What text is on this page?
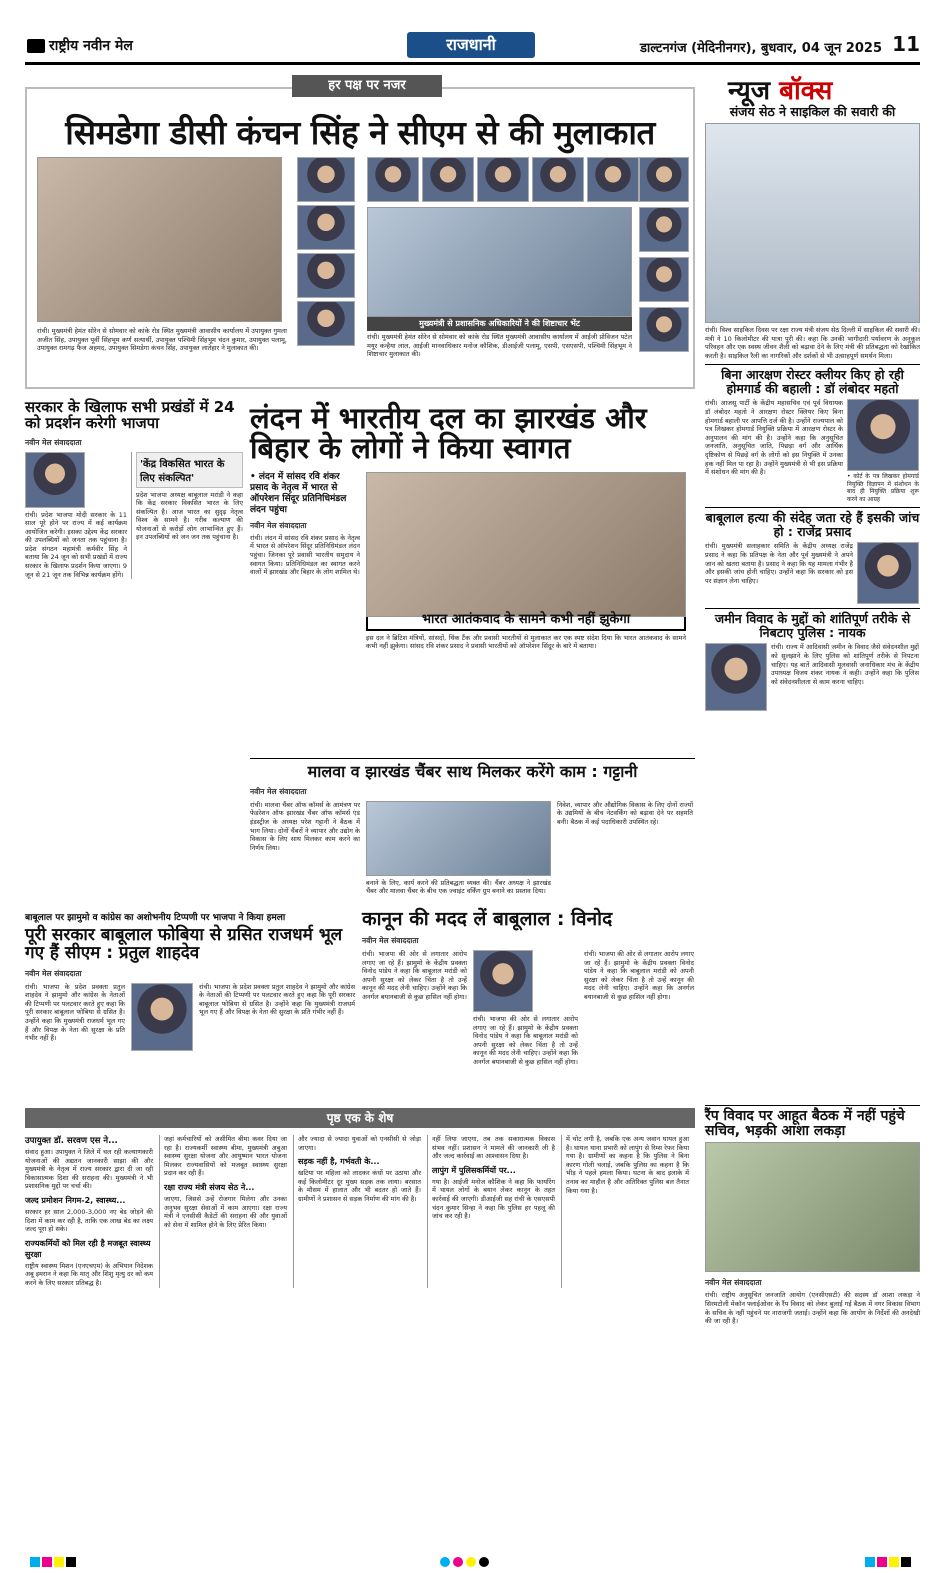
राष्ट्रीय नवीन मेल	राजधानी	डाल्टनगंज (मेदिनीनगर), बुधवार, 04 जून 2025 11
हर पक्ष पर नजर
सिमडेगा डीसी कंचन सिंह ने सीएम से की मुलाकात
मुख्यमंत्री से प्रशासनिक अधिकारियों ने की शिष्टाचार भेंट
रांची। मुख्यमंत्री हेमंत सोरेन से सोमवार को कांके रोड स्थित मुख्यमंत्री आवासीय कार्यालय में उपायुक्त गुमला अजीत सिंह, उपायुक्त पूर्वी सिंहभूम कर्ण सत्यार्थी, उपायुक्त पश्चिमी सिंहभूम चंदन कुमार, उपायुक्त पलामू, उपायुक्त रामगढ़ फैज अहमद, उपायुक्त सिमडेगा कंचन सिंह, उपायुक्त लातेहार ने मुलाकात की।
रांची। मुख्यमंत्री हेमंत सोरेन से सोमवार को कांके रोड स्थित मुख्यमंत्री आवासीय कार्यालय में आईजी प्रोविजन पटेल मयूर कन्हैया लाल, आईजी मानवाधिकार मनोज कौशिक, डीआईजी पलामू, एसपी, एसएसपी, पश्चिमी सिंहभूम ने शिष्टाचार मुलाकात की।
न्यूज बॉक्स
संजय सेठ ने साइकिल की सवारी की
रांची। विश्व साइकिल दिवस पर रक्षा राज्य मंत्री संजय सेठ दिल्ली में साइकिल की सवारी की। मंत्री ने 10 किलोमीटर की यात्रा पूरी की। कहा कि उनकी भागीदारी पर्यावरण के अनुकूल परिवहन और एक स्वस्थ जीवन शैली को बढ़ावा देने के लिए मंत्री की प्रतिबद्धता को रेखांकित करती है। साइकिल रैली का नागरिकों और दर्शकों से भी उत्साहपूर्ण समर्थन मिला।
बिना आरक्षण रोस्टर क्लीयर किए हो रही होमगार्ड की बहाली : डॉ लंबोदर महतो
रांची। आजसू पार्टी के केंद्रीय महासचिव एवं पूर्व विधायक डॉ लंबोदर महतो ने आरक्षण रोस्टर क्लियर किए बिना होमगार्ड बहाली पर आपत्ति दर्ज की है। उन्होंने राज्यपाल को पत्र लिखकर होमगार्ड नियुक्ति प्रक्रिया में आरक्षण रोस्टर के अनुपालन की मांग की है। उन्होंने कहा कि अनुसूचित जनजाति, अनुसूचित जाति, पिछड़ा वर्ग और आर्थिक दृष्टिकोण से पिछड़े वर्ग के लोगों को इस नियुक्ति में उनका हक नहीं मिल पा रहा है। उन्होंने मुख्यमंत्री से भी इस प्रक्रिया में संशोधन की मांग की है।
• कोर्ट के पत्र लिखकर होमगार्ड नियुक्ति विज्ञापन में संशोधन के बाद ही नियुक्ति प्रक्रिया शुरू करने का आग्रह
बाबूलाल हत्या की संदेह जता रहे हैं इसकी जांच हो : राजेंद्र प्रसाद
रांची। मुख्यमंत्री सलाहकार समिति के केंद्रीय अध्यक्ष राजेंद्र प्रसाद ने कहा कि प्रतिपक्ष के नेता और पूर्व मुख्यमंत्री ने अपने जान को खतरा बताया है। प्रसाद ने कहा कि यह मामला गंभीर है और इसकी जांच होनी चाहिए। उन्होंने कहा कि सरकार को इस पर संज्ञान लेना चाहिए।
जमीन विवाद के मुद्दों को शांतिपूर्ण तरीके से निबटाए पुलिस : नायक
रांची। राज्य में आदिवासी जमीन के विवाद जैसे संवेदनशील मुद्दों को सुलझाने के लिए पुलिस को शांतिपूर्ण तरीके से निपटना चाहिए। यह बातें आदिवासी मूलवासी जनाधिकार मंच के केंद्रीय उपाध्यक्ष विजय शंकर नायक ने कही। उन्होंने कहा कि पुलिस को संवेदनशीलता से काम करना चाहिए।
रैंप विवाद पर आहूत बैठक में नहीं पहुंचे सचिव, भड़की आशा लकड़ा
नवीन मेल संवाददाता
रांची। राष्ट्रीय अनुसूचित जनजाति आयोग (एनसीएसटी) की सदस्य डॉ आशा लकड़ा ने सिरमटोली मेकॉन फ्लाईओवर के रैंप विवाद को लेकर बुलाई गई बैठक में नगर विकास विभाग के सचिव के नहीं पहुंचने पर नाराजगी जताई। उन्होंने कहा कि आयोग के निर्देशों की अनदेखी की जा रही है।
सरकार के खिलाफ सभी प्रखंडों में 24 को प्रदर्शन करेगी भाजपा
नवीन मेल संवाददाता
रांची। प्रदेश भाजपा मोदी सरकार के 11 साल पूरे होने पर राज्य में कई कार्यक्रम आयोजित करेगी। इसका उद्देश्य केंद्र सरकार की उपलब्धियों को जनता तक पहुंचाना है। प्रदेश संगठन महामंत्री कर्मवीर सिंह ने बताया कि 24 जून को सभी प्रखंडों में राज्य सरकार के खिलाफ प्रदर्शन किया जाएगा। 9 जून से 21 जून तक विभिन्न कार्यक्रम होंगे।
'केंद्र विकसित भारत के लिए संकल्पित'
प्रदेश भाजपा अध्यक्ष बाबूलाल मरांडी ने कहा कि केंद्र सरकार विकसित भारत के लिए संकल्पित है। आज भारत का सुदृढ़ नेतृत्व विश्व के सामने है। गरीब कल्याण की योजनाओं से करोड़ों लोग लाभान्वित हुए हैं। इन उपलब्धियों को जन जन तक पहुंचाना है।
लंदन में भारतीय दल का झारखंड और बिहार के लोगों ने किया स्वागत
• लंदन में सांसद रवि शंकर प्रसाद के नेतृत्व में भारत से ऑपरेशन सिंदूर प्रतिनिधिमंडल लंदन पहुंचा
नवीन मेल संवाददाता
रांची। लंदन में सांसद रवि शंकर प्रसाद के नेतृत्व में भारत से ऑपरेशन सिंदूर प्रतिनिधिमंडल लंदन पहुंचा। जिनका पूरे प्रवासी भारतीय समुदाय ने स्वागत किया। प्रतिनिधिमंडल का स्वागत करने वालों में झारखंड और बिहार के लोग शामिल थे।
भारत आतंकवाद के सामने कभी नहीं झुकेगा
इस दल ने ब्रिटिश मंत्रियों, सांसदों, थिंक टैंक और प्रवासी भारतीयों से मुलाकात कर एक स्पष्ट संदेश दिया कि भारत आतंकवाद के सामने कभी नहीं झुकेगा। सांसद रवि शंकर प्रसाद ने प्रवासी भारतीयों को ऑपरेशन सिंदूर के बारे में बताया।
मालवा व झारखंड चैंबर साथ मिलकर करेंगे काम : गट्टानी
नवीन मेल संवाददाता
रांची। मालवा चैंबर ऑफ कॉमर्स के आमंत्रण पर फेडरेशन ऑफ झारखंड चैंबर ऑफ कॉमर्स एंड इंडस्ट्रीज के अध्यक्ष परेश गट्टानी ने बैठक में भाग लिया। दोनों चैंबरों ने व्यापार और उद्योग के विकास के लिए साथ मिलकर काम करने का निर्णय लिया।
बनाने के लिए, कार्य करने की प्रतिबद्धता व्यक्त की। चैंबर अध्यक्ष ने झारखंड चैंबर और मालवा चैंबर के बीच एक ज्वाइंट वर्किंग ग्रुप बनाने का प्रस्ताव दिया।
निवेश, व्यापार और औद्योगिक विकास के लिए दोनों राज्यों के उद्यमियों के बीच नेटवर्किंग को बढ़ावा देने पर सहमति बनी। बैठक में कई पदाधिकारी उपस्थित रहे।
बाबूलाल पर झामुमो व कांग्रेस का अशोभनीय टिप्पणी पर भाजपा ने किया हमला
पूरी सरकार बाबूलाल फोबिया से ग्रसित राजधर्म भूल गए हैं सीएम : प्रतुल शाहदेव
नवीन मेल संवाददाता
रांची। भाजपा के प्रदेश प्रवक्ता प्रतुल शाहदेव ने झामुमो और कांग्रेस के नेताओं की टिप्पणी पर पलटवार करते हुए कहा कि पूरी सरकार बाबूलाल फोबिया से ग्रसित है। उन्होंने कहा कि मुख्यमंत्री राजधर्म भूल गए हैं और विपक्ष के नेता की सुरक्षा के प्रति गंभीर नहीं हैं।
रांची। भाजपा के प्रदेश प्रवक्ता प्रतुल शाहदेव ने झामुमो और कांग्रेस के नेताओं की टिप्पणी पर पलटवार करते हुए कहा कि पूरी सरकार बाबूलाल फोबिया से ग्रसित है। उन्होंने कहा कि मुख्यमंत्री राजधर्म भूल गए हैं और विपक्ष के नेता की सुरक्षा के प्रति गंभीर नहीं हैं।
कानून की मदद लें बाबूलाल : विनोद
नवीन मेल संवाददाता
रांची। भाजपा की ओर से लगातार आरोप लगाए जा रहे हैं। झामुमो के केंद्रीय प्रवक्ता विनोद पांडेय ने कहा कि बाबूलाल मरांडी को अपनी सुरक्षा को लेकर चिंता है तो उन्हें कानून की मदद लेनी चाहिए। उन्होंने कहा कि अनर्गल बयानबाजी से कुछ हासिल नहीं होगा।
रांची। भाजपा की ओर से लगातार आरोप लगाए जा रहे हैं। झामुमो के केंद्रीय प्रवक्ता विनोद पांडेय ने कहा कि बाबूलाल मरांडी को अपनी सुरक्षा को लेकर चिंता है तो उन्हें कानून की मदद लेनी चाहिए। उन्होंने कहा कि अनर्गल बयानबाजी से कुछ हासिल नहीं होगा।
रांची। भाजपा की ओर से लगातार आरोप लगाए जा रहे हैं। झामुमो के केंद्रीय प्रवक्ता विनोद पांडेय ने कहा कि बाबूलाल मरांडी को अपनी सुरक्षा को लेकर चिंता है तो उन्हें कानून की मदद लेनी चाहिए। उन्होंने कहा कि अनर्गल बयानबाजी से कुछ हासिल नहीं होगा।
पृष्ठ एक के शेष
उपायुक्त डॉ. सरवण एस ने...
संवाद हुआ। उपायुक्त ने जिले में चल रही कल्याणकारी योजनाओं की अद्यतन जानकारी साझा की और मुख्यमंत्री के नेतृत्व में राज्य सरकार द्वारा दी जा रही विकासात्मक दिशा की सराहना की। मुख्यमंत्री ने भी प्रशासनिक मुद्दों पर चर्चा की।
जल्द प्रमोशन निगम-2, स्वास्थ्य...
सरकार हर साल 2,000-3,000 नए बेड जोड़ने की दिशा में काम कर रही है, ताकि एक लाख बेड का लक्ष्य जल्द पूरा हो सके।
राज्यकर्मियों को मिल रही है मजबूत स्वास्थ्य सुरक्षा
राष्ट्रीय स्वास्थ्य मिशन (एनएचएम) के अभियान निदेशक अबू इमरान ने कहा कि मातृ और शिशु मृत्यु दर को कम करने के लिए सरकार प्रतिबद्ध है।
जहां कर्मचारियों को असीमित बीमा कवर दिया जा रहा है। राज्यकर्मी स्वास्थ्य बीमा, मुख्यमंत्री अबुआ स्वास्थ्य सुरक्षा योजना और आयुष्मान भारत योजना मिलकर राज्यवासियों को मजबूत स्वास्थ्य सुरक्षा प्रदान कर रही हैं।
रक्षा राज्य मंत्री संजय सेठ ने...
जाएगा, जिससे उन्हें रोजगार मिलेगा और उनका अनुभव सुरक्षा सेवाओं में काम आएगा। रक्षा राज्य मंत्री ने एनसीसी कैडेटों की सराहना की और युवाओं को सेना में शामिल होने के लिए प्रेरित किया।
और ज्यादा से ज्यादा युवाओं को एनसीसी से जोड़ा जाएगा।
सड़क नहीं है, गर्भवती के...
खटिया पर महिला को लादकर कंधों पर उठाया और कई किलोमीटर दूर मुख्य सड़क तक लाया। बरसात के मौसम में हालात और भी बदतर हो जाते हैं। ग्रामीणों ने प्रशासन से सड़क निर्माण की मांग की है।
नहीं लिया जाएगा, तब तक सकारात्मक विकास संभव नहीं। प्रशासन ने मामले की जानकारी ली है और जल्द कार्रवाई का आश्वासन दिया है।
लापुंग में पुलिसकर्मियों पर...
गया है। आईजी मनोज कौशिक ने कहा कि फायरिंग में घायल लोगों के बयान लेकर कानून के तहत कार्रवाई की जाएगी। डीआईजी सह रांची के एसएसपी चंदन कुमार सिन्हा ने कहा कि पुलिस हर पहलू की जांच कर रही है।
में चोट लगी है, जबकि एक अन्य जवान घायल हुआ है। घायल थाना प्रभारी को लापुंग से रिम्स रेफर किया गया है। ग्रामीणों का कहना है कि पुलिस ने बिना कारण गोली चलाई, जबकि पुलिस का कहना है कि भीड़ ने पहले हमला किया। घटना के बाद इलाके में तनाव का माहौल है और अतिरिक्त पुलिस बल तैनात किया गया है।
